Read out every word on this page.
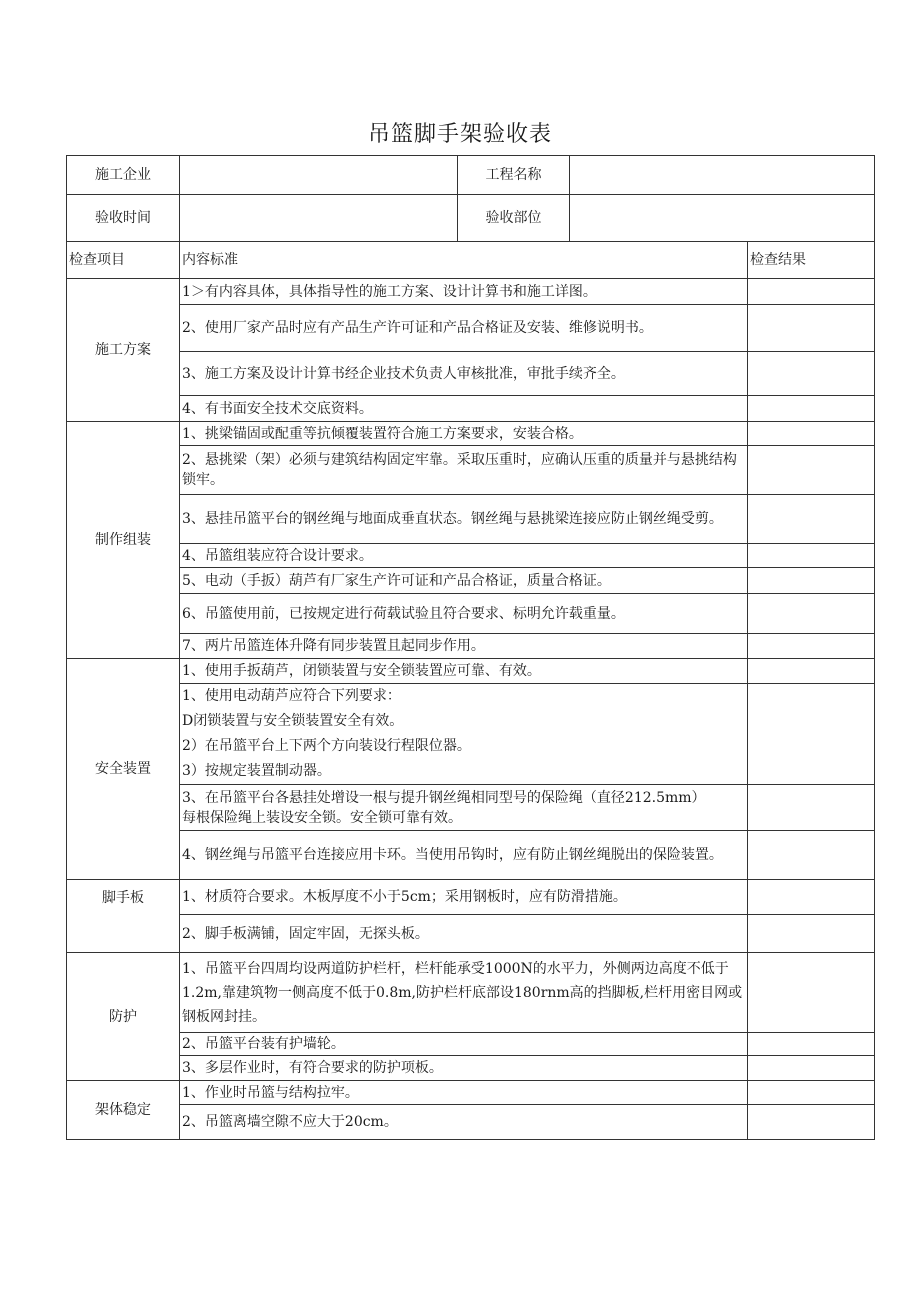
吊篮脚手架验收表
施工企业		工程名称		
验收时间		验收部位		
检查项目	内容标准			检查结果
施工方案	1＞有内容具体，具体指导性的施工方案、设计计算书和施工详图。			
	2、使用厂家产品时应有产品生产许可证和产品合格证及安装、维修说明书。			
	3、施工方案及设计计算书经企业技术负责人审核批准，审批手续齐全。			
	4、有书面安全技术交底资料。			
制作组装	1、挑梁锚固或配重等抗倾覆装置符合施工方案要求，安装合格。			
	2、悬挑梁（架）必须与建筑结构固定牢靠。采取压重时，应确认压重的质量并与悬挑结构锁牢。			
	3、悬挂吊篮平台的钢丝绳与地面成垂直状态。钢丝绳与悬挑梁连接应防止钢丝绳受剪。			
	4、吊篮组装应符合设计要求。			
	5、电动（手扳）葫芦有厂家生产许可证和产品合格证，质量合格证。			
	6、吊篮使用前，已按规定进行荷载试验且符合要求、标明允许载重量。			
	7、两片吊篮连体升降有同步装置且起同步作用。			
安全装置	1、使用手扳葫芦，闭锁装置与安全锁装置应可靠、有效。			

	1、使用电动葫芦应符合下列要求：
D闭锁装置与安全锁装置安全有效。
2）在吊篮平台上下两个方向装设行程限位器。
3）按规定装置制动器。			

	3、在吊篮平台各悬挂处增设一根与提升钢丝绳相同型号的保险绳（直径212.5mm）
每根保险绳上装设安全锁。安全锁可靠有效。			

	4、钢丝绳与吊篮平台连接应用卡环。当使用吊钩时，应有防止钢丝绳脱出的保险装置。			
脚手板	1、材质符合要求。木板厚度不小于5cm；采用钢板时，应有防滑措施。			
	2、脚手板满铺，固定牢固，无探头板。			
防护	1、吊篮平台四周均设两道防护栏杆，栏杆能承受1000N的水平力，外侧两边高度不低于1.2m,靠建筑物一侧高度不低于0.8m,防护栏杆底部设180rnm高的挡脚板,栏杆用密目网或钢板网封挂。			
	2、吊篮平台装有护墙轮。			
	3、多层作业时，有符合要求的防护项板。			
架体稳定	1、作业时吊篮与结构拉牢。			
	2、吊篮离墙空隙不应大于20cm。			
